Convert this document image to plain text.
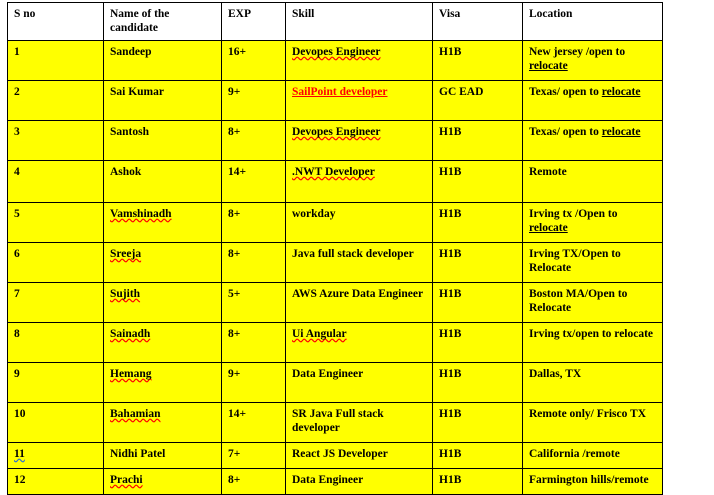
S no	Name of the candidate	EXP	Skill	Visa	Location
1	Sandeep	16+	Devopes Engineer	H1B	New jersey /open to relocate
2	Sai Kumar	9+	SailPoint developer	GC EAD	Texas/ open to relocate
3	Santosh	8+	Devopes Engineer	H1B	Texas/ open to relocate
4	Ashok	14+	.NWT Developer	H1B	Remote
5	Vamshinadh	8+	workday	H1B	Irving tx /Open to relocate
6	Sreeja	8+	Java full stack developer	H1B	Irving TX/Open to Relocate
7	Sujith	5+	AWS Azure Data Engineer	H1B	Boston MA/Open to Relocate
8	Sainadh	8+	Ui Angular	H1B	Irving tx/open to relocate
9	Hemang	9+	Data Engineer	H1B	Dallas, TX
10	Bahamian	14+	SR Java Full stack developer	H1B	Remote only/ Frisco TX
11	Nidhi Patel	7+	React JS Developer	H1B	California /remote
12	Prachi	8+	Data Engineer	H1B	Farmington hills/remote
